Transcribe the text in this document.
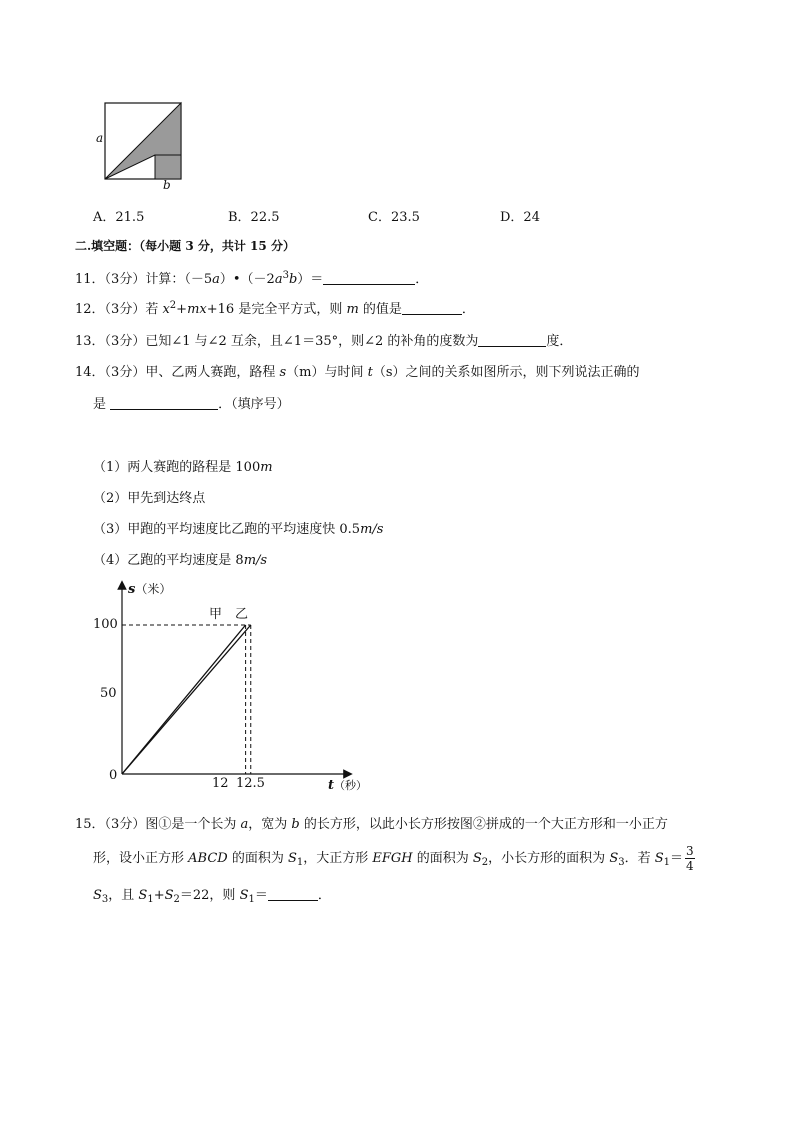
a
b
A．21.5	B．22.5	C．23.5	D．24
二.填空题：（每小题 3 分，共计 15 分）
11．（3分）计算：$(-5a)•(-2a^3b)=$	．
12．（3分）若 $x^2+mx+16$ 是完全平方式，则 m 的值是	．
13．（3分）已知∠1 与∠2 互余，且∠1＝35°，则∠2 的补角的度数为	度．
14．（3分）甲、乙两人赛跑，路程 s（m）与时间 t（s）之间的关系如图所示，则下列说法正确的
是	．（填序号）
（1）两人赛跑的路程是 100m
（2）甲先到达终点
（3）甲跑的平均速度比乙跑的平均速度快 0.5m/s
（4）乙跑的平均速度是 8m/s
s（米）
100
50
0
12 12.5
甲 乙
t（秒）
15．（3分）图①是一个长为 a，宽为 b 的长方形，以此小长方形按图②拼成的一个大正方形和一小正方
形，设小正方形 ABCD 的面积为 $S_1$，大正方形 EFGH 的面积为 $S_2$，小长方形的面积为 $S_3$．若 $S_1= \frac{3}{4}$
$S_3$，且 $S_1+S_2=22$，则 $S_1=$	．
